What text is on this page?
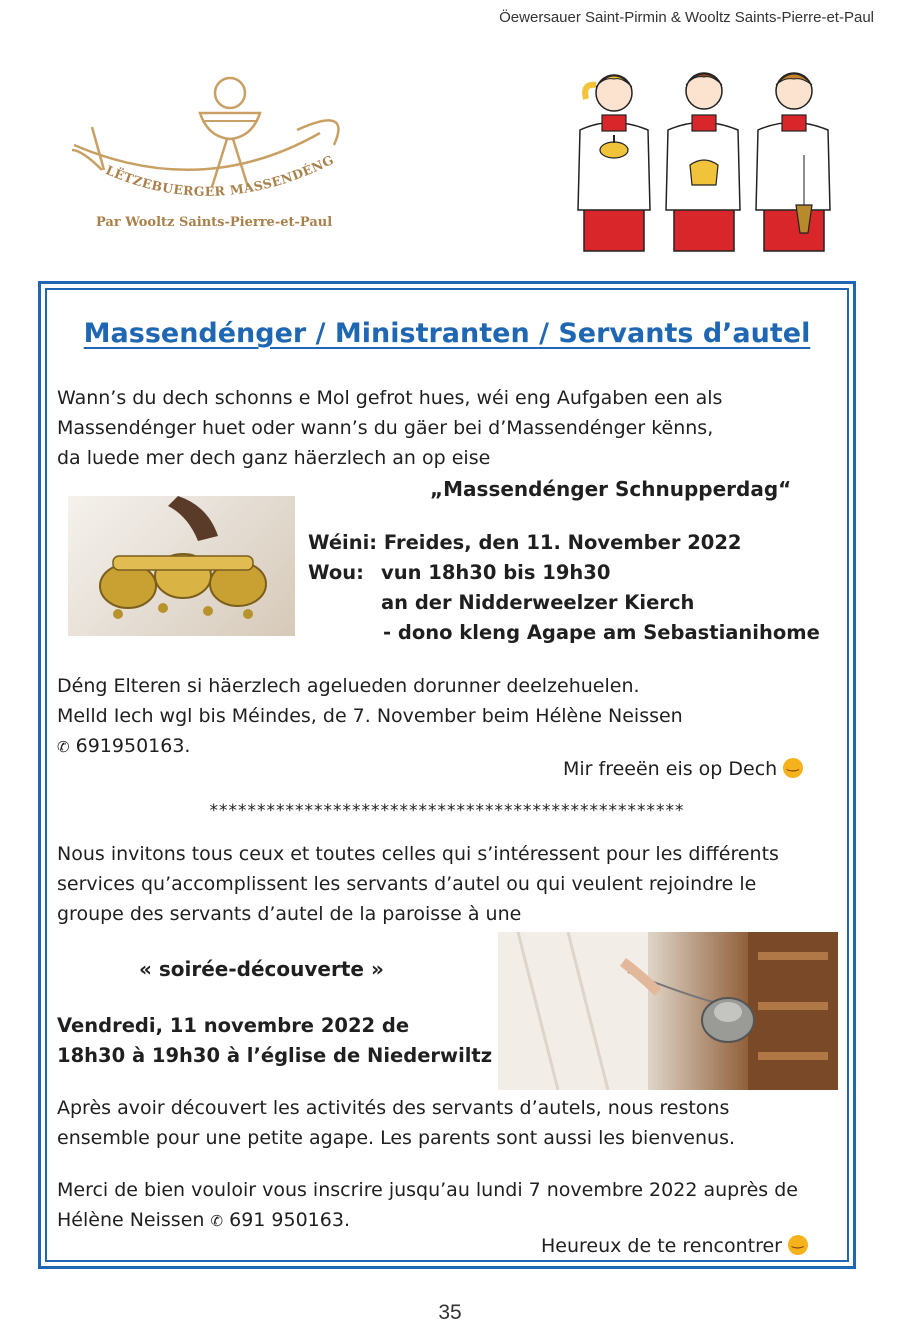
Öewersauer Saint-Pirmin & Wooltz Saints-Pierre-et-Paul
LËTZEBUERGER MASSENDÉNG
Par Wooltz Saints-Pierre-et-Paul
Massendénger / Ministranten / Servants d’autel
Wann’s du dech schonns e Mol gefrot hues, wéi eng Aufgaben een als
Massendénger huet oder wann’s du gäer bei d’Massendénger kënns,
da luede mer dech ganz häerzlech an op eise
„Massendénger Schnupperdag“
Wéini: Freides, den 11. November 2022
Wou: vun 18h30 bis 19h30
an der Nidderweelzer Kierch
- dono kleng Agape am Sebastianihome
Déng Elteren si häerzlech agelueden dorunner deelzehuelen.
Melld Iech wgl bis Méindes, de 7. November beim Hélène Neissen
✆ 691950163.
Mir freeën eis op Dech‿
**************************************************
Nous invitons tous ceux et toutes celles qui s’intéressent pour les différents
services qu’accomplissent les servants d’autel ou qui veulent rejoindre le
groupe des servants d’autel de la paroisse à une
« soirée-découverte »
Vendredi, 11 novembre 2022 de
18h30 à 19h30 à l’église de Niederwiltz
Après avoir découvert les activités des servants d’autels, nous restons
ensemble pour une petite agape. Les parents sont aussi les bienvenus.
Merci de bien vouloir vous inscrire jusqu’au lundi 7 novembre 2022 auprès de
Hélène Neissen ✆ 691 950163.
Heureux de te rencontrer‿
35
